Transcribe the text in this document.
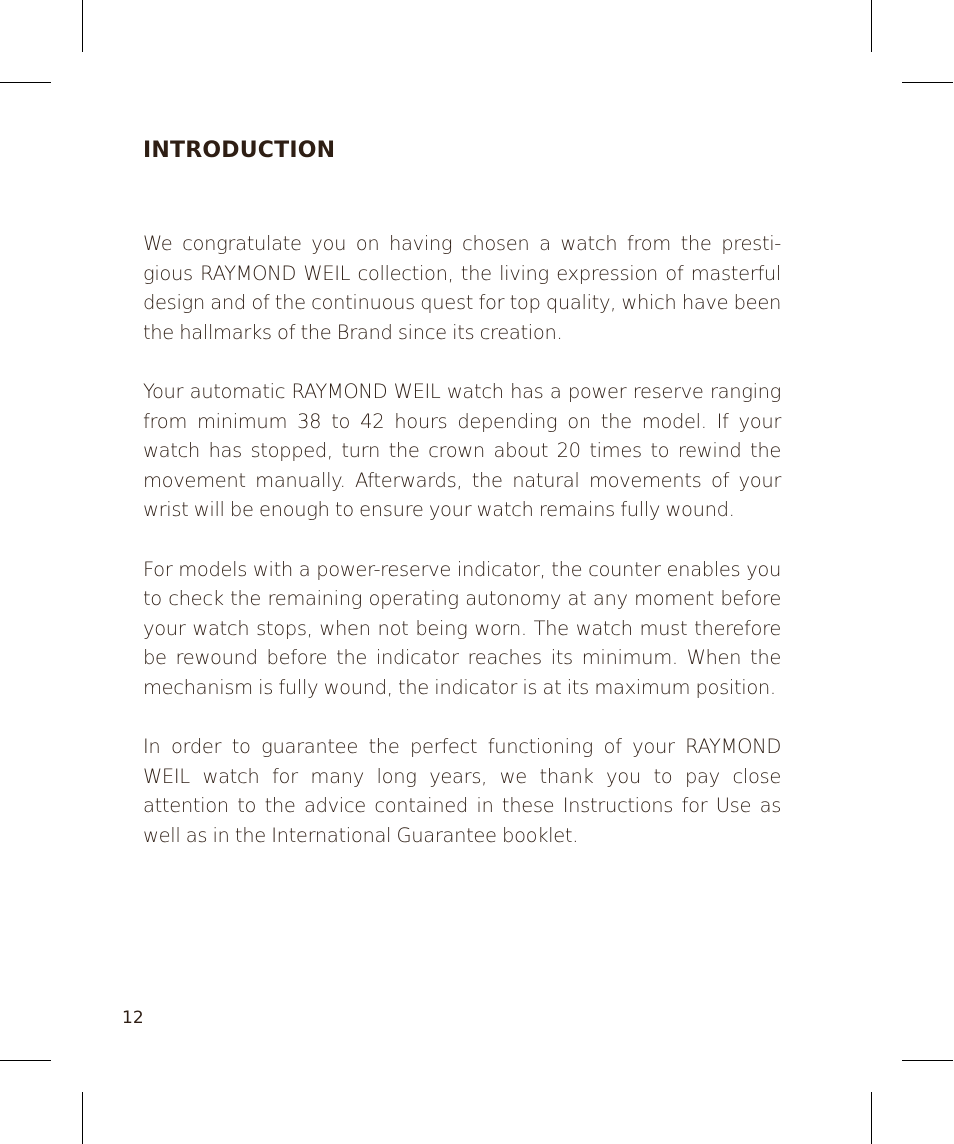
INTRODUCTION

We congratulate you on having chosen a watch from the presti-gious RAYMOND WEIL collection, the living expression of masterful design and of the continuous quest for top quality, which have been the hallmarks of the Brand since its creation.

Your automatic RAYMOND WEIL watch has a power reserve ranging from minimum 38 to 42 hours depending on the model. If your watch has stopped, turn the crown about 20 times to rewind the movement manually. Afterwards, the natural movements of your wrist will be enough to ensure your watch remains fully wound.

For models with a power-reserve indicator, the counter enables you to check the remaining operating autonomy at any moment before your watch stops, when not being worn. The watch must therefore be rewound before the indicator reaches its minimum. When the mechanism is fully wound, the indicator is at its maximum position.

In order to guarantee the perfect functioning of your RAYMOND WEIL watch for many long years, we thank you to pay close attention to the advice contained in these Instructions for Use as well as in the International Guarantee booklet.

12
